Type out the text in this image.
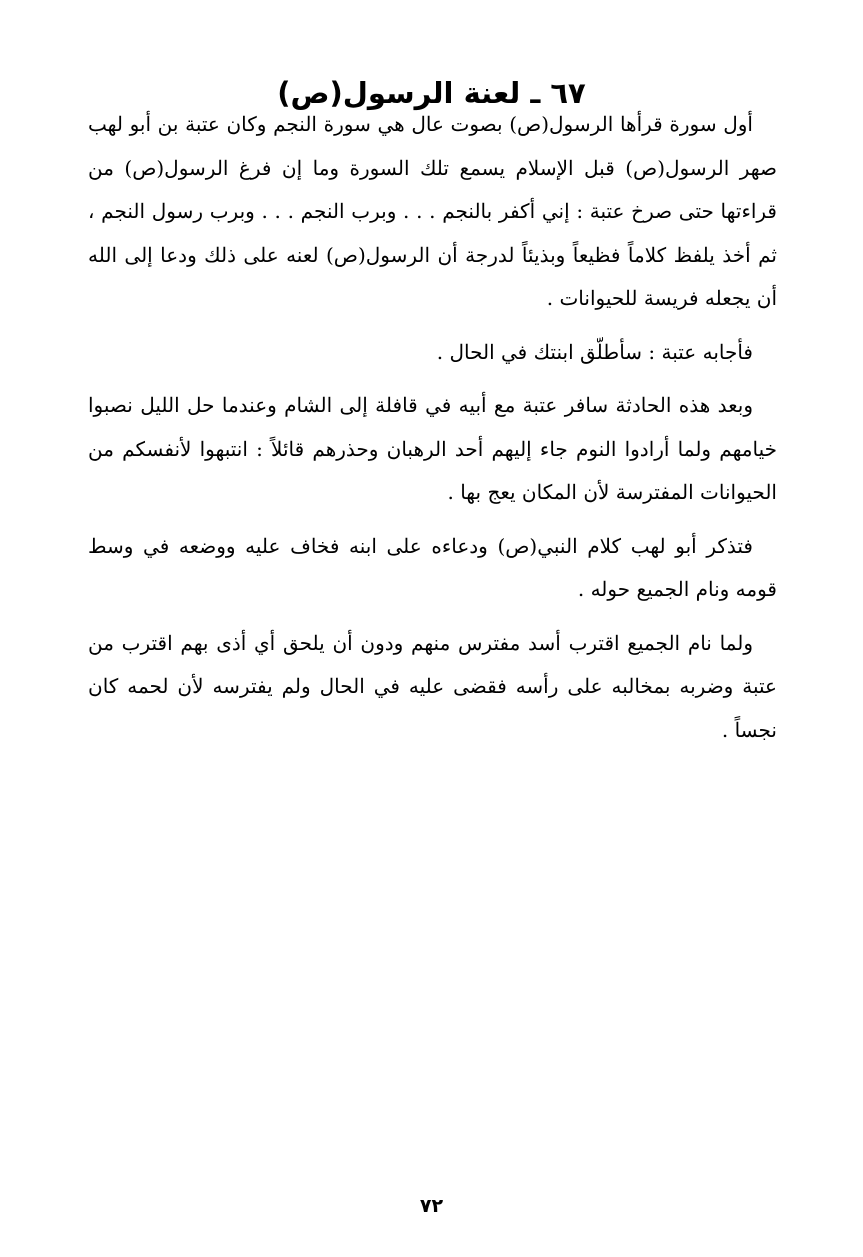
٦٧ ـ لعنة الرسول(ص)

أول سورة قرأها الرسول(ص) بصوت عال هي سورة النجم وكان عتبة بن أبو لهب صهر الرسول(ص) قبل الإسلام يسمع تلك السورة وما إن فرغ الرسول(ص) من قراءتها حتى صرخ عتبة : إني أكفر بالنجم . . . وبرب النجم . . . وبرب رسول النجم ، ثم أخذ يلفظ كلاماً فظيعاً وبذيئاً لدرجة أن الرسول(ص) لعنه على ذلك ودعا إلى الله أن يجعله فريسة للحيوانات .

فأجابه عتبة : سأطلّق ابنتك في الحال .

وبعد هذه الحادثة سافر عتبة مع أبيه في قافلة إلى الشام وعندما حل الليل نصبوا خيامهم ولما أرادوا النوم جاء إليهم أحد الرهبان وحذرهم قائلاً : انتبهوا لأنفسكم من الحيوانات المفترسة لأن المكان يعج بها .

فتذكر أبو لهب كلام النبي(ص) ودعاءه على ابنه فخاف عليه ووضعه في وسط قومه ونام الجميع حوله .

ولما نام الجميع اقترب أسد مفترس منهم ودون أن يلحق أي أذى بهم اقترب من عتبة وضربه بمخالبه على رأسه فقضى عليه في الحال ولم يفترسه لأن لحمه كان نجساً .

٧٢
